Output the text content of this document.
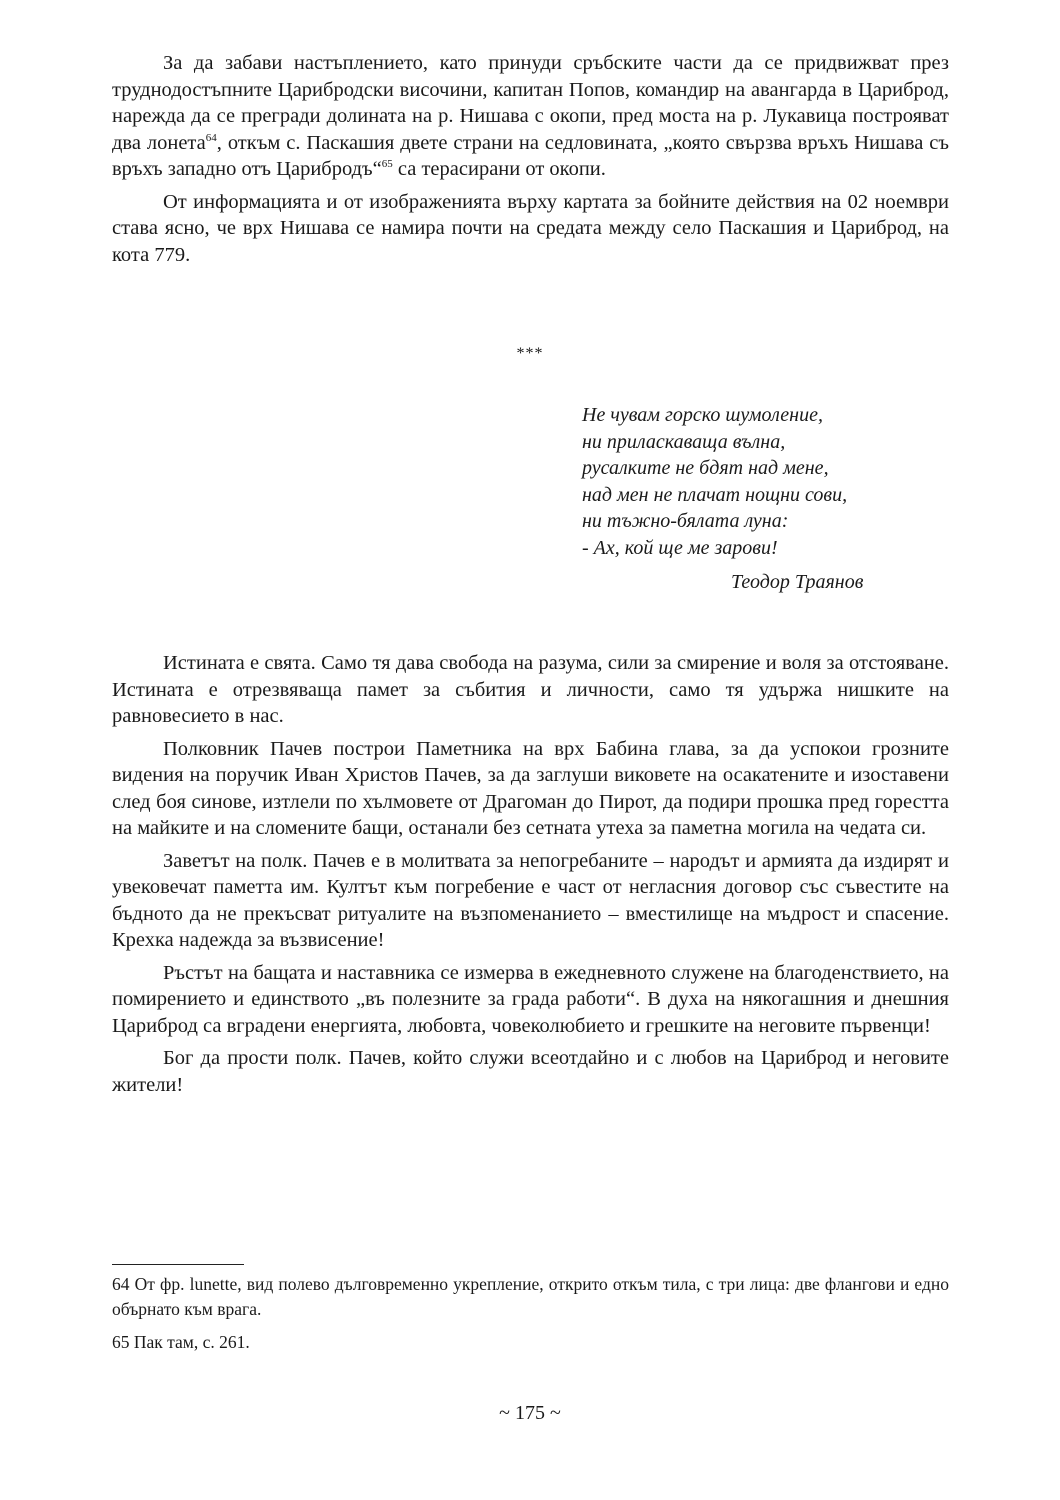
За да забави настъплението, като принуди сръбските части да се придвижват през труднодостъпните Царибродски височини, капитан Попов, командир на авангарда в Цариброд, нарежда да се прегради долината на р. Нишава с окопи, пред моста на р. Лукавица построяват два лонета$^{64}$, откъм с. Паскашия двете страни на седловината, „която свързва връхъ Нишава съ връхъ западно отъ Царибродъ“$^{65}$ са терасирани от окопи.

От информацията и от изображенията върху картата за бойните действия на 02 ноември става ясно, че врх Нишава се намира почти на средата между село Паскашия и Цариброд, на кота 779.

***
Не чувам горско шумоление,
ни приласкаваща вълна,
русалките не бдят над мене,
над мен не плачат нощни сови,
ни тъжно-бялата луна:
- Ах, кой ще ме зарови!
Теодор Траянов

Истината е свята. Само тя дава свобода на разума, сили за смирение и воля за отстояване. Истината е отрезвяваща памет за събития и личности, само тя удържа нишките на равновесието в нас.

Полковник Пачев построи Паметника на врх Бабина глава, за да успокои грозните видения на поручик Иван Христов Пачев, за да заглуши виковете на осакатените и изоставени след боя синове, изтлели по хълмовете от Драгоман до Пирот, да подири прошка пред горестта на майките и на сломените бащи, останали без сетната утеха за паметна могила на чедата си.

Заветът на полк. Пачев е в молитвата за непогребаните – народът и армията да издирят и увековечат паметта им. Култът към погребение е част от негласния договор със съвестите на бъдното да не прекъсват ритуалите на възпоменанието – вместилище на мъдрост и спасение. Крехка надежда за възвисение!

Ръстът на бащата и наставника се измерва в ежедневното служене на благоденствието, на помирението и единството „въ полезните за града работи“. В духа на някогашния и днешния Цариброд са вградени енергията, любовта, човеколюбието и грешките на неговите първенци!

Бог да прости полк. Пачев, който служи всеотдайно и с любов на Цариброд и неговите жители!

64 От фр. lunette, вид полево дълговременно укрепление, открито откъм тила, с три лица: две флангови и едно обърнато към врага.

65 Пак там, с. 261.

~ 175 ~
